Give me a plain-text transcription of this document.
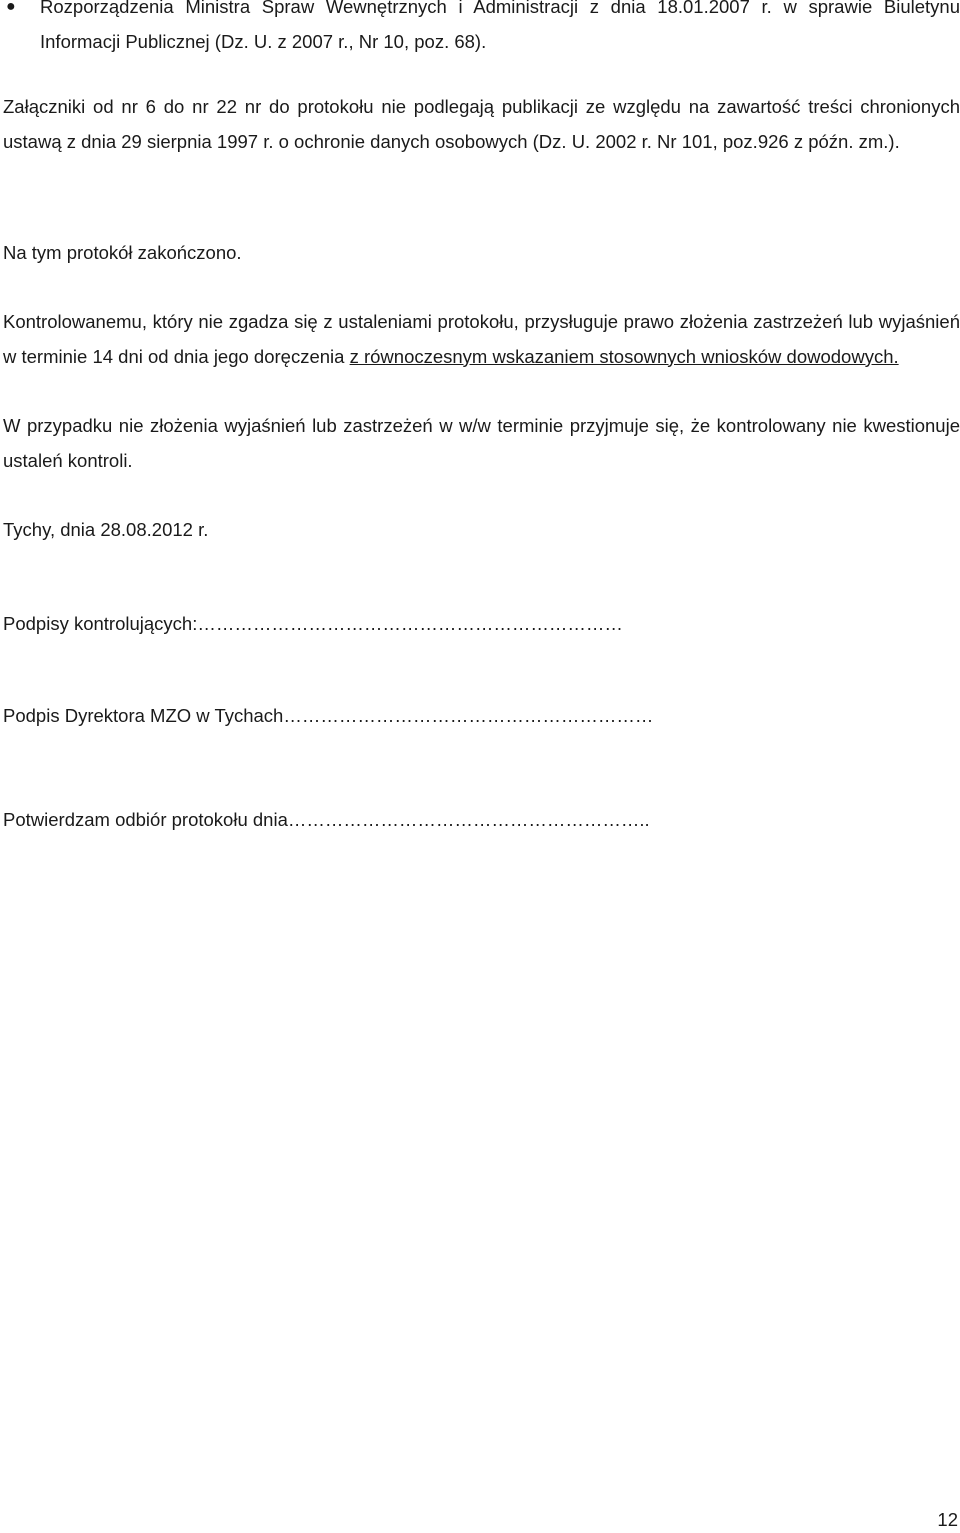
● Rozporządzenia Ministra Spraw Wewnętrznych i Administracji z dnia 18.01.2007 r. w sprawie Biuletynu Informacji Publicznej (Dz. U. z 2007 r., Nr 10, poz. 68).
Załączniki od nr 6 do nr 22 nr do protokołu nie podlegają publikacji ze względu na zawartość treści chronionych ustawą z dnia 29 sierpnia 1997 r. o ochronie danych osobowych (Dz. U. 2002 r. Nr 101, poz.926 z późn. zm.).
Na tym protokół zakończono.
Kontrolowanemu, który nie zgadza się z ustaleniami protokołu, przysługuje prawo złożenia zastrzeżeń lub wyjaśnień w terminie 14 dni od dnia jego doręczenia z równoczesnym wskazaniem stosownych wniosków dowodowych.
W przypadku nie złożenia wyjaśnień lub zastrzeżeń w w/w terminie przyjmuje się, że kontrolowany nie kwestionuje ustaleń kontroli.
Tychy, dnia 28.08.2012 r.
Podpisy kontrolujących:……………………………………………………………
Podpis Dyrektora MZO w Tychach……………………………………………………
Potwierdzam odbiór protokołu dnia…………………………………………………..
12
